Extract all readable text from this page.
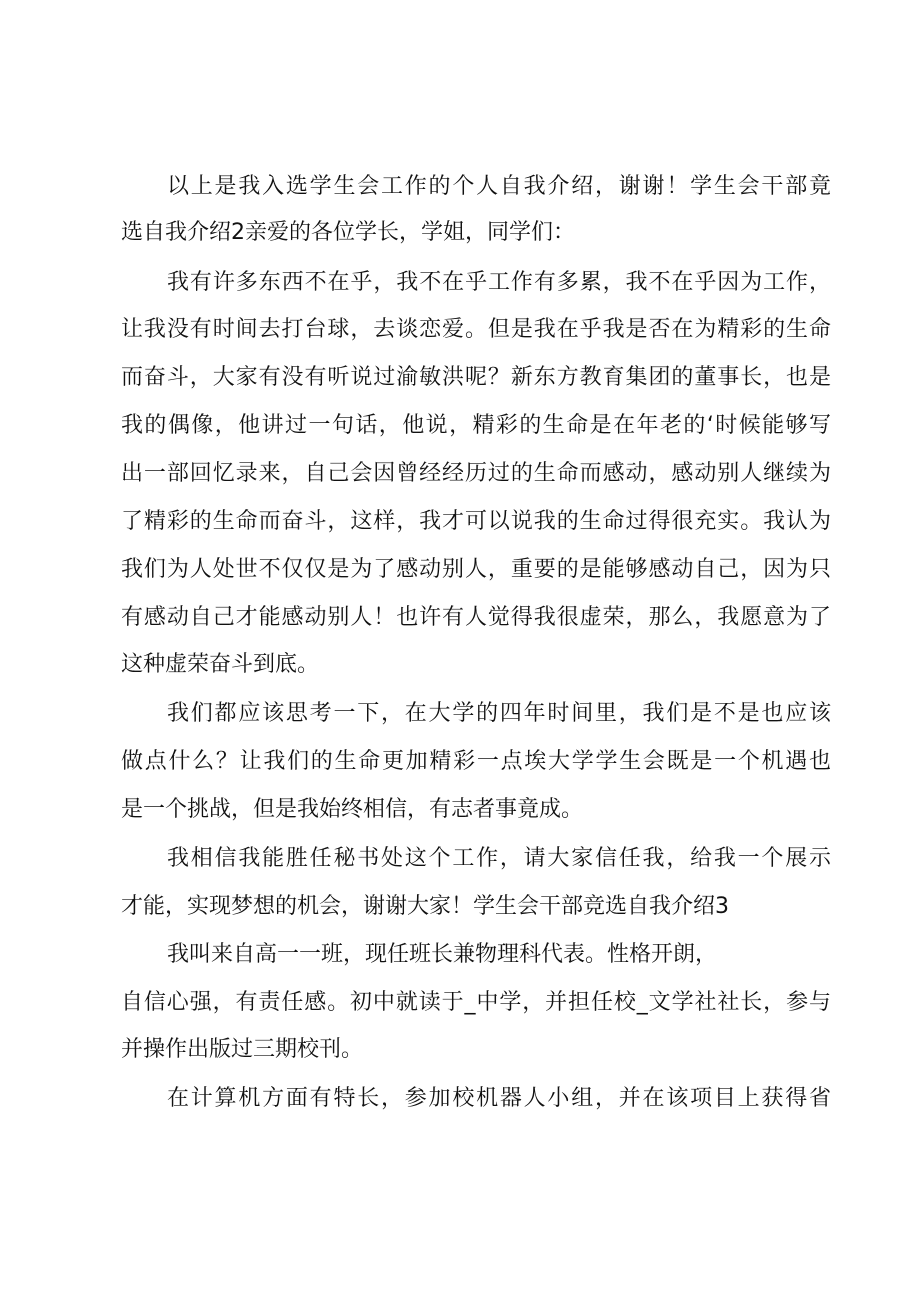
以上是我入选学生会工作的个人自我介绍，谢谢！学生会干部竟

选自我介绍2亲爱的各位学长，学姐，同学们：

我有许多东西不在乎，我不在乎工作有多累，我不在乎因为工作，

让我没有时间去打台球，去谈恋爱。但是我在乎我是否在为精彩的生命

而奋斗，大家有没有听说过渝敏洪呢？新东方教育集团的董事长，也是

我的偶像，他讲过一句话，他说，精彩的生命是在年老的‘时候能够写

出一部回忆录来，自己会因曾经经历过的生命而感动，感动别人继续为

了精彩的生命而奋斗，这样，我才可以说我的生命过得很充实。我认为

我们为人处世不仅仅是为了感动别人，重要的是能够感动自己，因为只

有感动自己才能感动别人！也许有人觉得我很虚荣，那么，我愿意为了

这种虚荣奋斗到底。

我们都应该思考一下，在大学的四年时间里，我们是不是也应该

做点什么？让我们的生命更加精彩一点埃大学学生会既是一个机遇也

是一个挑战，但是我始终相信，有志者事竟成。

我相信我能胜任秘书处这个工作，请大家信任我，给我一个展示

才能，实现梦想的机会，谢谢大家！学生会干部竞选自我介绍3

我叫来自高一一班，现任班长兼物理科代表。性格开朗，

自信心强，有责任感。初中就读于_中学，并担任校_文学社社长，参与

并操作出版过三期校刊。

在计算机方面有特长，参加校机器人小组，并在该项目上获得省
